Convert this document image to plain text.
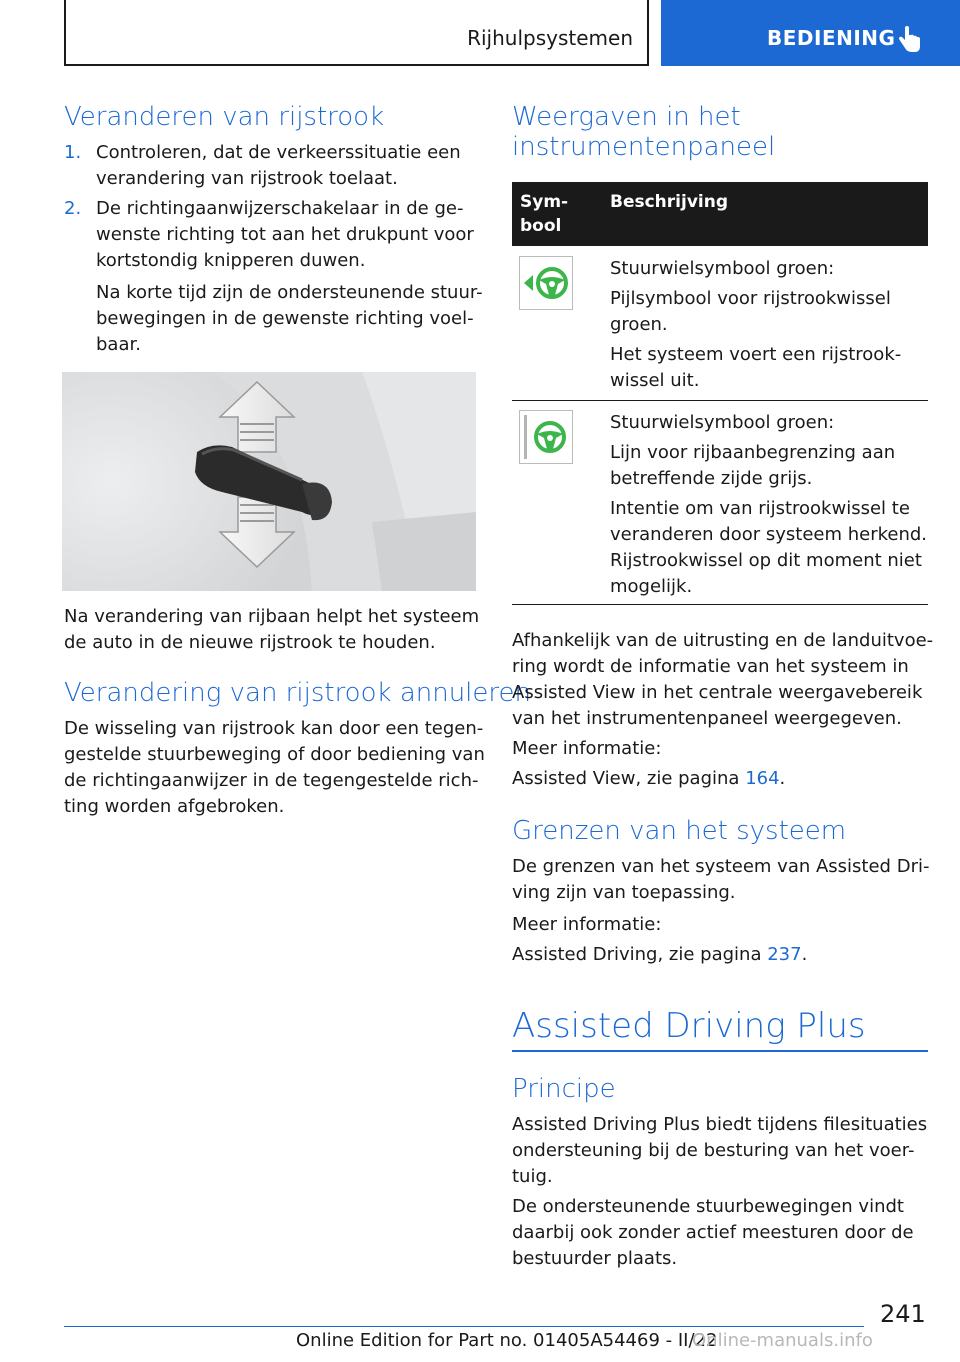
Rijhulpsystemen	BEDIENING
Veranderen van rijstrook
1. Controleren, dat de verkeerssituatie een
verandering van rijstrook toelaat.
2. De richtingaanwijzerschakelaar in de ge-
wenste richting tot aan het drukpunt voor
kortstondig knipperen duwen.
Na korte tijd zijn de ondersteunende stuur-
bewegingen in de gewenste richting voel-
baar.
Na verandering van rijbaan helpt het systeem
de auto in de nieuwe rijstrook te houden.
Verandering van rijstrook annuleren
De wisseling van rijstrook kan door een tegen-
gestelde stuurbeweging of door bediening van
de richtingaanwijzer in de tegengestelde rich-
ting worden afgebroken.
Weergaven in het
instrumentenpaneel
Sym-
bool
Beschrijving
Stuurwielsymbool groen:
Pijlsymbool voor rijstrookwissel
groen.
Het systeem voert een rijstrook-
wissel uit.
Stuurwielsymbool groen:
Lijn voor rijbaanbegrenzing aan
betreffende zijde grijs.
Intentie om van rijstrookwissel te
veranderen door systeem herkend.
Rijstrookwissel op dit moment niet
mogelijk.
Afhankelijk van de uitrusting en de landuitvoe-
ring wordt de informatie van het systeem in
Assisted View in het centrale weergavebereik
van het instrumentenpaneel weergegeven.
Meer informatie:
Assisted View, zie pagina 164.
Grenzen van het systeem
De grenzen van het systeem van Assisted Dri-
ving zijn van toepassing.
Meer informatie:
Assisted Driving, zie pagina 237.
Assisted Driving Plus
Principe
Assisted Driving Plus biedt tijdens filesituaties
ondersteuning bij de besturing van het voer-
tuig.
De ondersteunende stuurbewegingen vindt
daarbij ook zonder actief meesturen door de
bestuurder plaats.
241
Online Edition for Part no. 01405A54469 - II/22
Online-manuals.info
